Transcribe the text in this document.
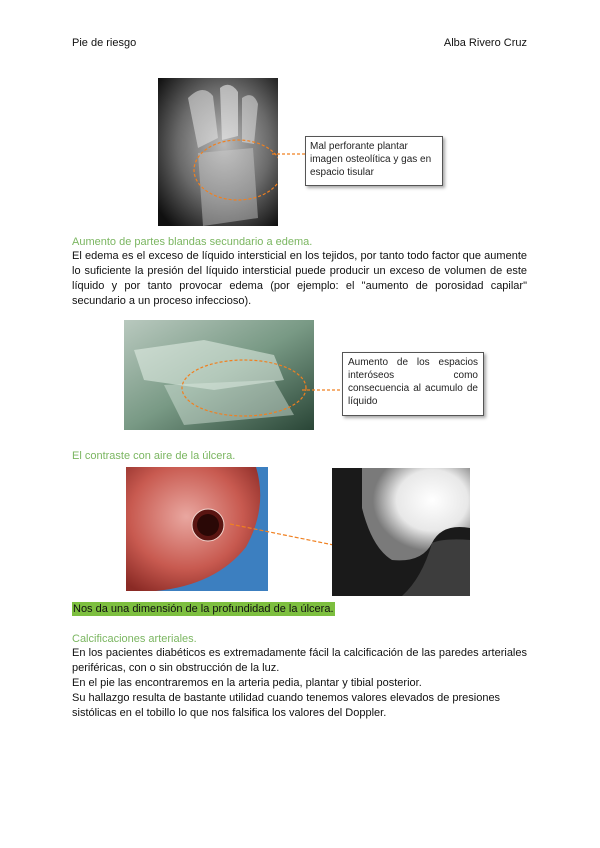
Pie de riesgo	Alba Rivero Cruz
Mal perforante plantar imagen osteolítica y gas en espacio tisular
Aumento de partes blandas secundario a edema.

El edema es el exceso de líquido intersticial en los tejidos, por tanto todo factor que aumente lo suficiente la presión del líquido intersticial puede producir un exceso de volumen de este líquido y por tanto provocar edema (por ejemplo: el "aumento de porosidad capilar" secundario a un proceso infeccioso).

Aumento de los espacios interóseos como consecuencia al acumulo de líquido
El contraste con aire de la úlcera.
Nos da una dimensión de la profundidad de la úlcera.
Calcificaciones arteriales.

En los pacientes diabéticos es extremadamente fácil la calcificación de las paredes arteriales periféricas, con o sin obstrucción de la luz.

En el pie las encontraremos en la arteria pedia, plantar y tibial posterior.

Su hallazgo resulta de bastante utilidad cuando tenemos valores elevados de presiones sistólicas en el tobillo lo que nos falsifica los valores del Doppler.
